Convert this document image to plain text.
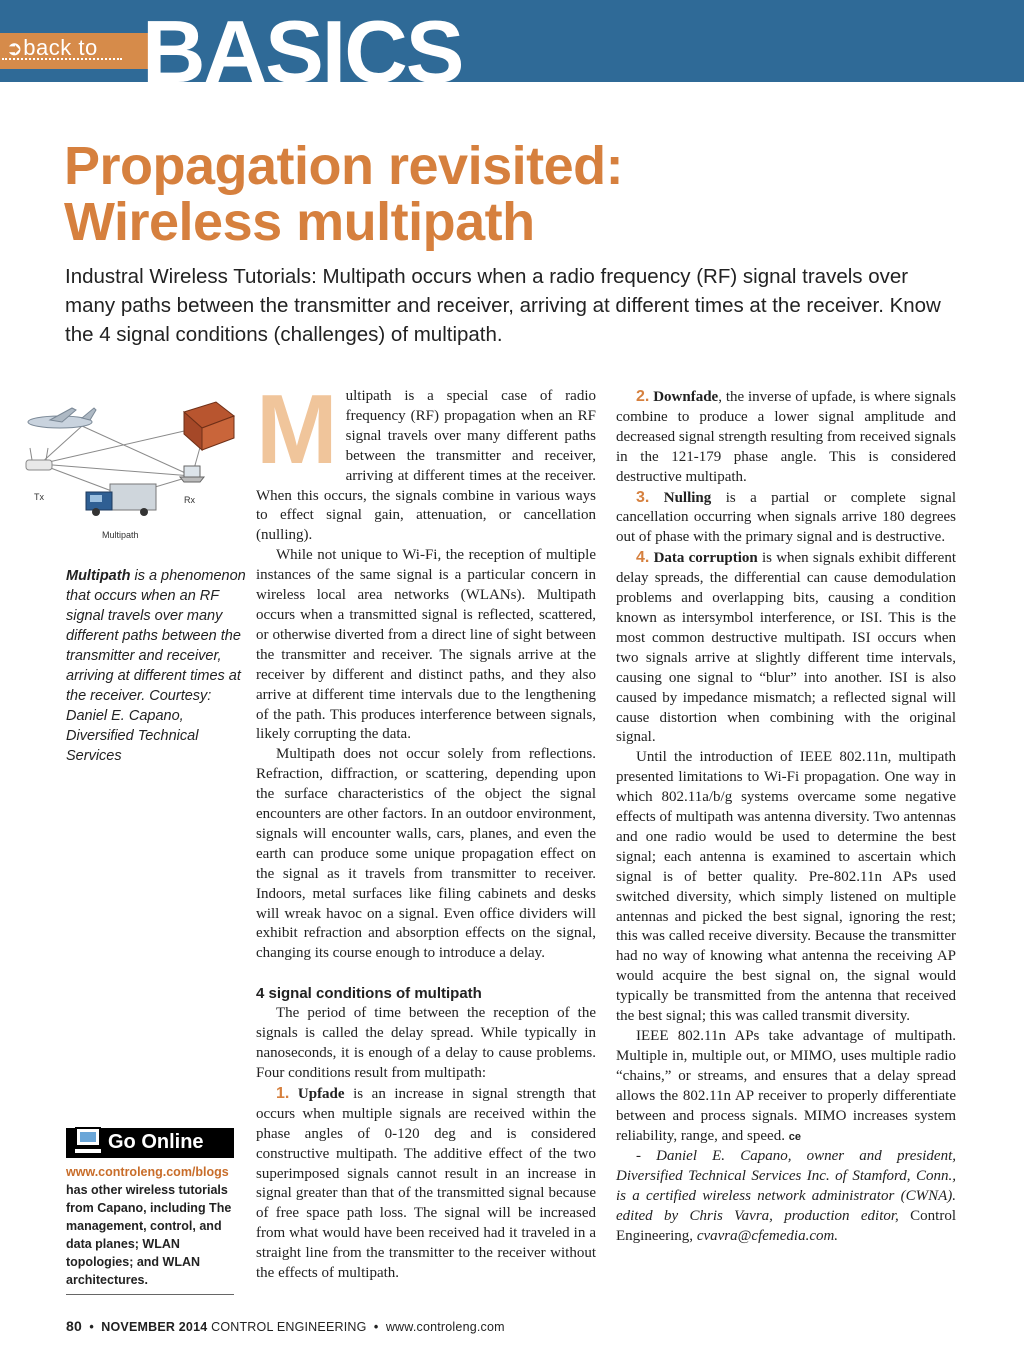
➲back to BASICS
Propagation revisited:
Wireless multipath
Industral Wireless Tutorials: Multipath occurs when a radio frequency (RF) signal travels over many paths between the transmitter and receiver, arriving at different times at the receiver. Know the 4 signal conditions (challenges) of multipath.
Tx	Rx
Multipath
Multipath is a phenomenon that occurs when an RF signal travels over many different paths between the transmitter and receiver, arriving at different times at the receiver. Courtesy: Daniel E. Capano, Diversified Technical Services
Go Online
www.controleng.com/blogs
has other wireless tutorials from Capano, including The management, control, and data planes; WLAN topologies; and WLAN architectures.

Multipath is a special case of radio frequency (RF) propagation when an RF signal travels over many different paths between the transmitter and receiver, arriving at different times at the receiver. When this occurs, the signals combine in various ways to effect signal gain, attenuation, or cancellation (nulling).

While not unique to Wi-Fi, the reception of multiple instances of the same signal is a particular concern in wireless local area networks (WLANs). Multipath occurs when a transmitted signal is reflected, scattered, or otherwise diverted from a direct line of sight between the transmitter and receiver. The signals arrive at the receiver by different and distinct paths, and they also arrive at different time intervals due to the lengthening of the path. This produces interference between signals, likely corrupting the data.

Multipath does not occur solely from reflections. Refraction, diffraction, or scattering, depending upon the surface characteristics of the object the signal encounters are other factors. In an outdoor environment, signals will encounter walls, cars, planes, and even the earth can produce some unique propagation effect on the signal as it travels from transmitter to receiver. Indoors, metal surfaces like filing cabinets and desks will wreak havoc on a signal. Even office dividers will exhibit refraction and absorption effects on the signal, changing its course enough to introduce a delay.

4 signal conditions of multipath

The period of time between the reception of the signals is called the delay spread. While typically in nanoseconds, it is enough of a delay to cause problems. Four conditions result from multipath:

1. Upfade is an increase in signal strength that occurs when multiple signals are received within the phase angles of 0-120 deg and is considered constructive multipath. The additive effect of the two superimposed signals cannot result in an increase in signal greater than that of the transmitted signal because of free space path loss. The signal will be increased from what would have been received had it traveled in a straight line from the transmitter to the receiver without the effects of multipath.

2. Downfade, the inverse of upfade, is where signals combine to produce a lower signal amplitude and decreased signal strength resulting from received signals in the 121-179 phase angle. This is considered destructive multipath.

3. Nulling is a partial or complete signal cancellation occurring when signals arrive 180 degrees out of phase with the primary signal and is destructive.

4. Data corruption is when signals exhibit different delay spreads, the differential can cause demodulation problems and overlapping bits, causing a condition known as intersymbol interference, or ISI. This is the most common destructive multipath. ISI occurs when two signals arrive at slightly different time intervals, causing one signal to “blur” into another. ISI is also caused by impedance mismatch; a reflected signal will cause distortion when combining with the original signal.

Until the introduction of IEEE 802.11n, multipath presented limitations to Wi-Fi propagation. One way in which 802.11a/b/g systems overcame some negative effects of multipath was antenna diversity. Two antennas and one radio would be used to determine the best signal; each antenna is examined to ascertain which signal is of better quality. Pre-802.11n APs used switched diversity, which simply listened on multiple antennas and picked the best signal, ignoring the rest; this was called receive diversity. Because the transmitter had no way of knowing what antenna the receiving AP would acquire the best signal on, the signal would typically be transmitted from the antenna that received the best signal; this was called transmit diversity.

IEEE 802.11n APs take advantage of multipath. Multiple in, multiple out, or MIMO, uses multiple radio “chains,” or streams, and ensures that a delay spread allows the 802.11n AP receiver to properly differentiate between and process signals. MIMO increases system reliability, range, and speed. ce

- Daniel E. Capano, owner and president, Diversified Technical Services Inc. of Stamford, Conn., is a certified wireless network administrator (CWNA). edited by Chris Vavra, production editor, Control Engineering, cvavra@cfemedia.com.

80 • NOVEMBER 2014 CONTROL ENGINEERING • www.controleng.com
